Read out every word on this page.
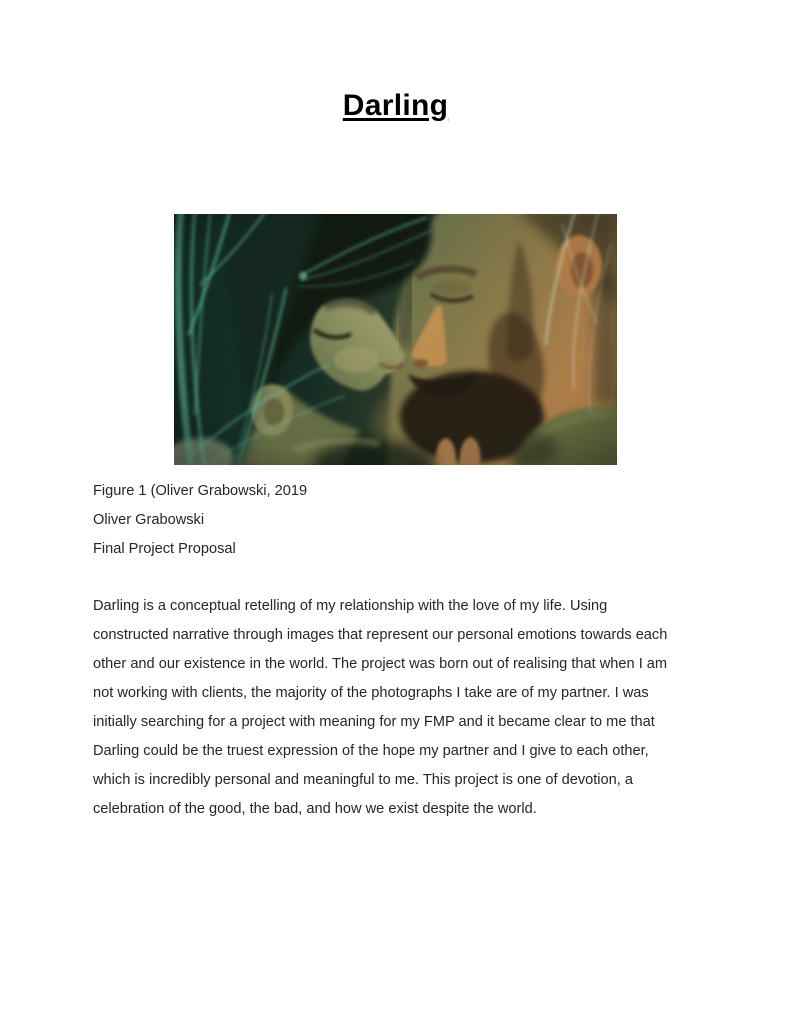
Darling

Figure 1 (Oliver Grabowski, 2019

Oliver Grabowski

Final Project Proposal

Darling is a conceptual retelling of my relationship with the love of my life. Using constructed narrative through images that represent our personal emotions towards each other and our existence in the world. The project was born out of realising that when I am not working with clients, the majority of the photographs I take are of my partner. I was initially searching for a project with meaning for my FMP and it became clear to me that Darling could be the truest expression of the hope my partner and I give to each other, which is incredibly personal and meaningful to me. This project is one of devotion, a celebration of the good, the bad, and how we exist despite the world.
